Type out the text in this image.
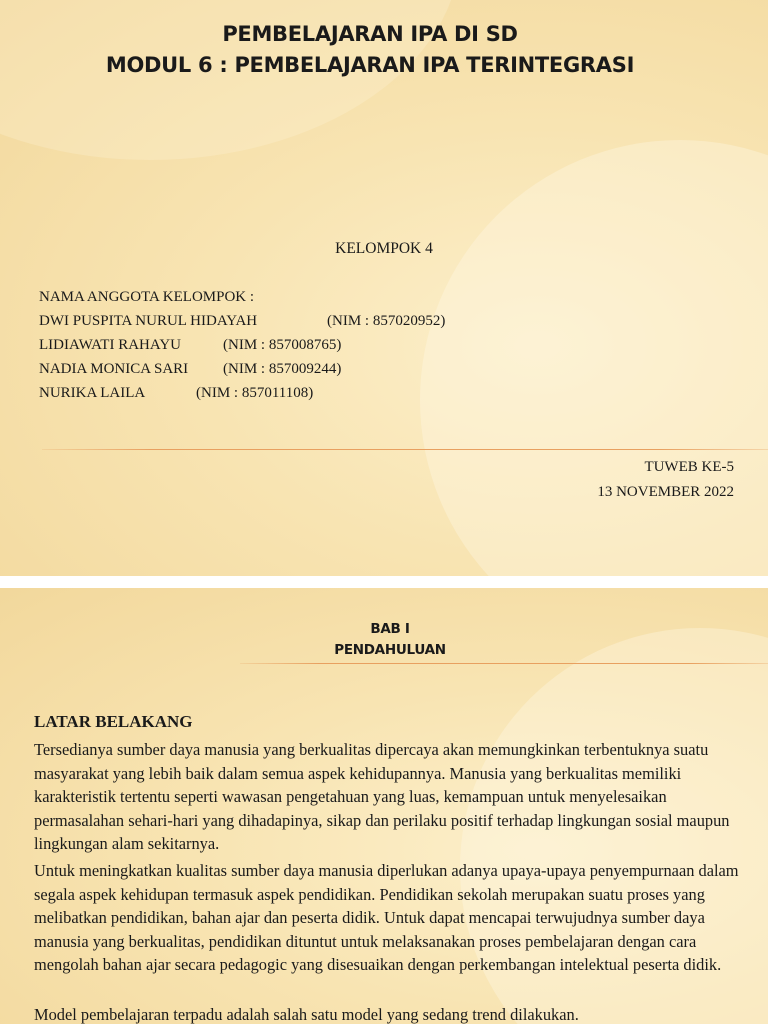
PEMBELAJARAN IPA DI SD
MODUL 6 : PEMBELAJARAN IPA TERINTEGRASI
KELOMPOK 4
NAMA ANGGOTA KELOMPOK :
DWI PUSPITA NURUL HIDAYAH	(NIM : 857020952)
LIDIAWATI RAHAYU	(NIM : 857008765)
NADIA MONICA SARI (NIM : 857009244)
NURIKA LAILA	(NIM : 857011108)
TUWEB KE-5
13 NOVEMBER 2022
BAB I
PENDAHULUAN
LATAR BELAKANG

Tersedianya sumber daya manusia yang berkualitas dipercaya akan memungkinkan terbentuknya suatu masyarakat yang lebih baik dalam semua aspek kehidupannya. Manusia yang berkualitas memiliki karakteristik tertentu seperti wawasan pengetahuan yang luas, kemampuan untuk menyelesaikan permasalahan sehari-hari yang dihadapinya, sikap dan perilaku positif terhadap lingkungan sosial maupun lingkungan alam sekitarnya.

Untuk meningkatkan kualitas sumber daya manusia diperlukan adanya upaya-upaya penyempurnaan dalam segala aspek kehidupan termasuk aspek pendidikan. Pendidikan sekolah merupakan suatu proses yang melibatkan pendidikan, bahan ajar dan peserta didik. Untuk dapat mencapai terwujudnya sumber daya manusia yang berkualitas, pendidikan dituntut untuk melaksanakan proses pembelajaran dengan cara mengolah bahan ajar secara pedagogic yang disesuaikan dengan perkembangan intelektual peserta didik.

Model pembelajaran terpadu adalah salah satu model yang sedang trend dilakukan.
